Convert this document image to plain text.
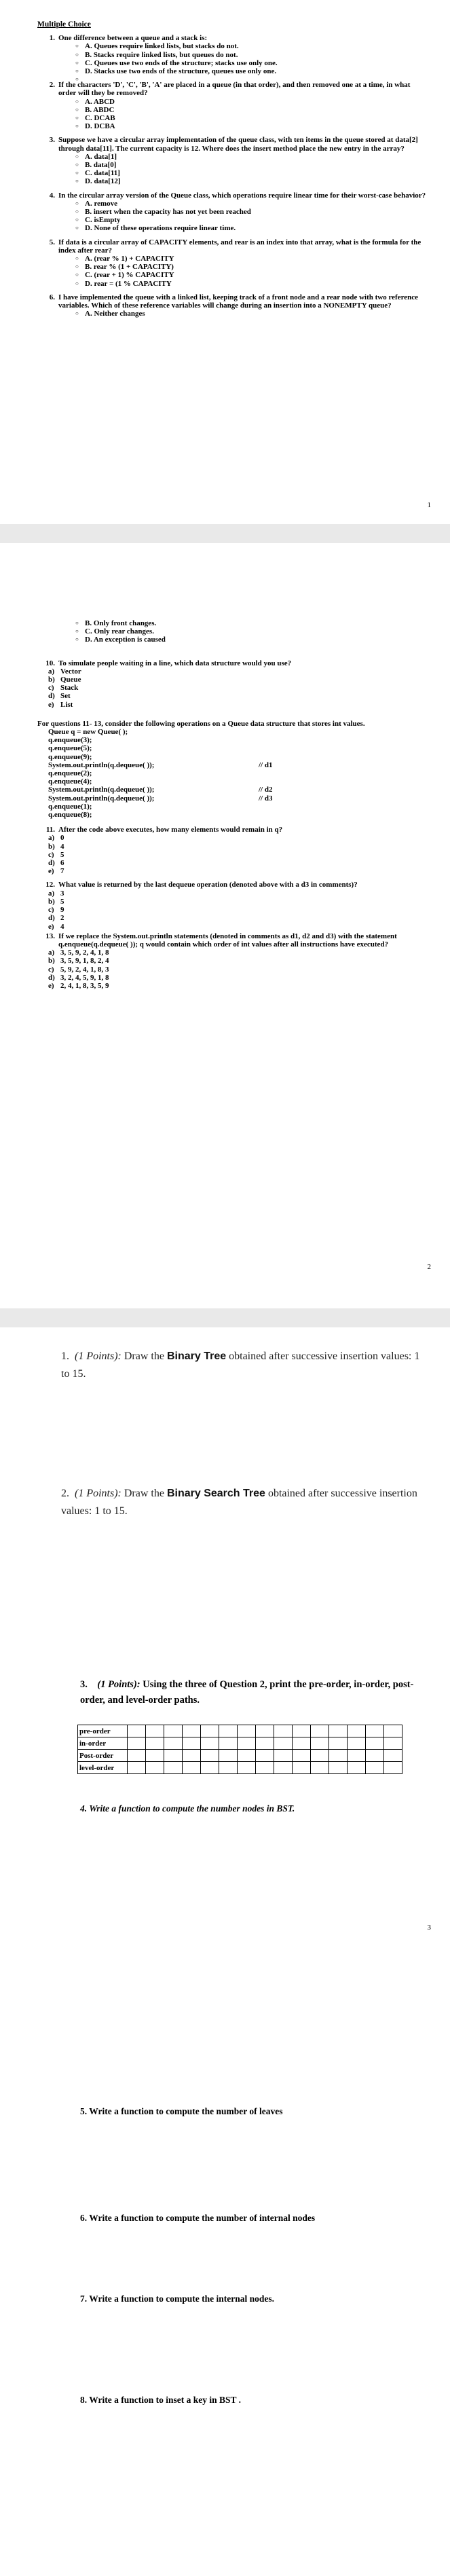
Multiple Choice
1. One difference between a queue and a stack is:
○ A. Queues require linked lists, but stacks do not.
○ B. Stacks require linked lists, but queues do not.
○ C. Queues use two ends of the structure; stacks use only one.
○ D. Stacks use two ends of the structure, queues use only one.
2. If the characters 'D', 'C', 'B', 'A' are placed in a queue (in that order), and then removed one at a time, in what order will they be removed?
○ A. ABCD
○ B. ABDC
○ C. DCAB
○ D. DCBA
3. Suppose we have a circular array implementation of the queue class, with ten items in the queue stored at data[2] through data[11]. The current capacity is 12. Where does the insert method place the new entry in the array?
○ A. data[1]
○ B. data[0]
○ C. data[11]
○ D. data[12]
4. In the circular array version of the Queue class, which operations require linear time for their worst-case behavior?
○ A. remove
○ B. insert when the capacity has not yet been reached
○ C. isEmpty
○ D. None of these operations require linear time.
5. If data is a circular array of CAPACITY elements, and rear is an index into that array, what is the formula for the index after rear?
○ A. (rear % 1) + CAPACITY
○ B. rear % (1 + CAPACITY)
○ C. (rear + 1) % CAPACITY
○ D. rear = (1 % CAPACITY
6. I have implemented the queue with a linked list, keeping track of a front node and a rear node with two reference variables. Which of these reference variables will change during an insertion into a NONEMPTY queue?
○ A. Neither changes
1
○ B. Only front changes.
○ C. Only rear changes.
○ D. An exception is caused
10. To simulate people waiting in a line, which data structure would you use?
a) Vector
b) Queue
c) Stack
d) Set
e) List
For questions 11- 13, consider the following operations on a Queue data structure that stores int values.
Queue q = new Queue( );
q.enqueue(3);
q.enqueue(5);
q.enqueue(9);
System.out.println(q.dequeue( ));	// d1
q.enqueue(2);
q.enqueue(4);
System.out.println(q.dequeue( ));	// d2
System.out.println(q.dequeue( ));	// d3
q.enqueue(1);
q.enqueue(8);
11. After the code above executes, how many elements would remain in q?
a) 0
b) 4
c) 5
d) 6
e) 7
12. What value is returned by the last dequeue operation (denoted above with a d3 in comments)?
a) 3
b) 5
c) 9
d) 2
e) 4
13. If we replace the System.out.println statements (denoted in comments as d1, d2 and d3) with the statement q.enqueue(q.dequeue( )); q would contain which order of int values after all instructions have executed?
a) 3, 5, 9, 2, 4, 1, 8
b) 3, 5, 9, 1, 8, 2, 4
c) 5, 9, 2, 4, 1, 8, 3
d) 3, 2, 4, 5, 9, 1, 8
e) 2, 4, 1, 8, 3, 5, 9
2
1. (1 Points): Draw the Binary Tree obtained after successive insertion values: 1 to 15.
2. (1 Points): Draw the Binary Search Tree obtained after successive insertion values: 1 to 15.
3. (1 Points): Using the three of Question 2, print the pre-order, in-order, post-order, and level-order paths.
pre-order															
in-order															
Post-order															
level-order															
4. Write a function to compute the number nodes in BST.
3
5. Write a function to compute the number of leaves
6. Write a function to compute the number of internal nodes
7. Write a function to compute the internal nodes.
8. Write a function to inset a key in BST .
